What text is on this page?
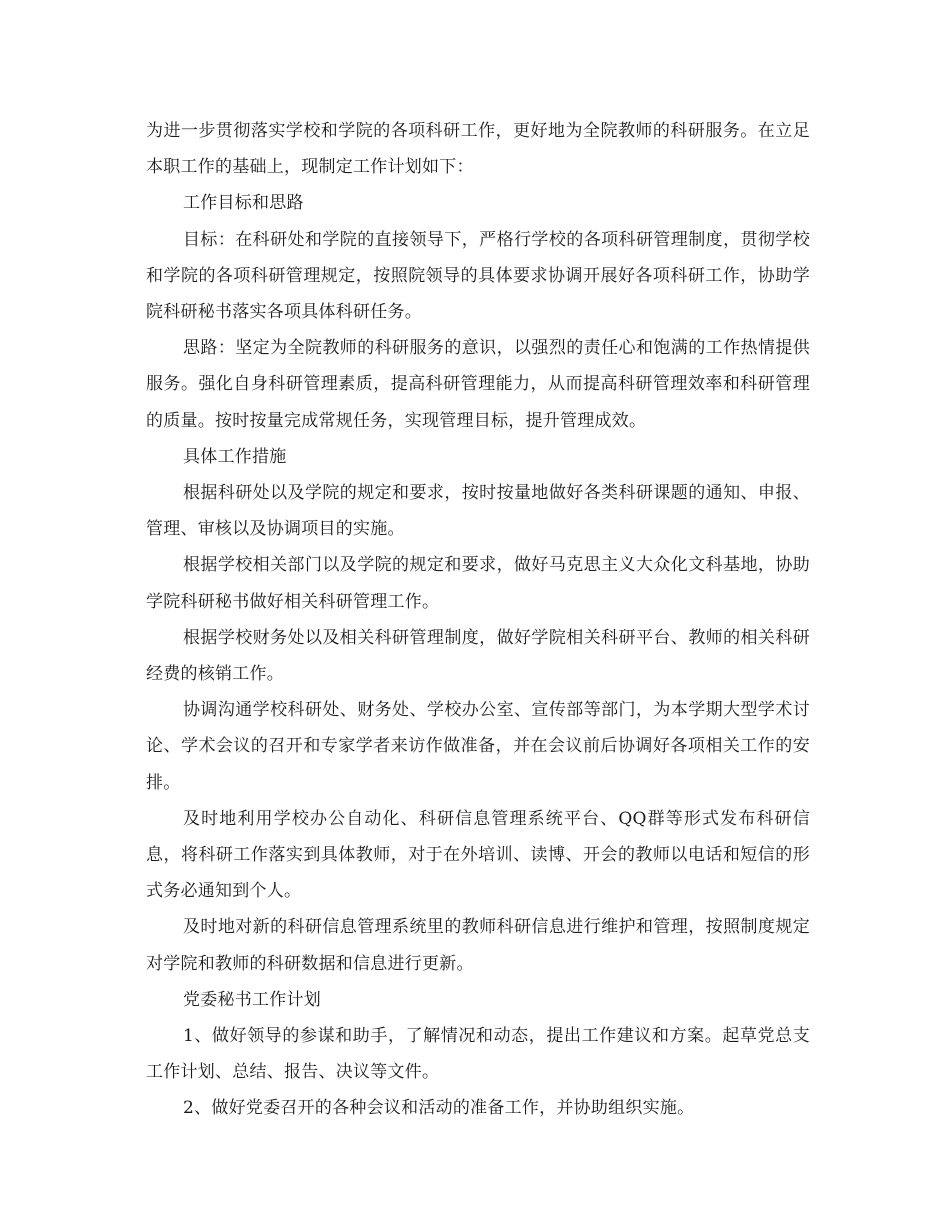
为进一步贯彻落实学校和学院的各项科研工作，更好地为全院教师的科研服务。在立足本职工作的基础上，现制定工作计划如下：

工作目标和思路

目标：在科研处和学院的直接领导下，严格行学校的各项科研管理制度，贯彻学校和学院的各项科研管理规定，按照院领导的具体要求协调开展好各项科研工作，协助学院科研秘书落实各项具体科研任务。

思路：坚定为全院教师的科研服务的意识，以强烈的责任心和饱满的工作热情提供服务。强化自身科研管理素质，提高科研管理能力，从而提高科研管理效率和科研管理的质量。按时按量完成常规任务，实现管理目标，提升管理成效。

具体工作措施

根据科研处以及学院的规定和要求，按时按量地做好各类科研课题的通知、申报、管理、审核以及协调项目的实施。

根据学校相关部门以及学院的规定和要求，做好马克思主义大众化文科基地，协助学院科研秘书做好相关科研管理工作。

根据学校财务处以及相关科研管理制度，做好学院相关科研平台、教师的相关科研经费的核销工作。

协调沟通学校科研处、财务处、学校办公室、宣传部等部门，为本学期大型学术讨论、学术会议的召开和专家学者来访作做准备，并在会议前后协调好各项相关工作的安排。

及时地利用学校办公自动化、科研信息管理系统平台、QQ群等形式发布科研信息，将科研工作落实到具体教师，对于在外培训、读博、开会的教师以电话和短信的形式务必通知到个人。

及时地对新的科研信息管理系统里的教师科研信息进行维护和管理，按照制度规定对学院和教师的科研数据和信息进行更新。

党委秘书工作计划

1、做好领导的参谋和助手，了解情况和动态，提出工作建议和方案。起草党总支工作计划、总结、报告、决议等文件。

2、做好党委召开的各种会议和活动的准备工作，并协助组织实施。
